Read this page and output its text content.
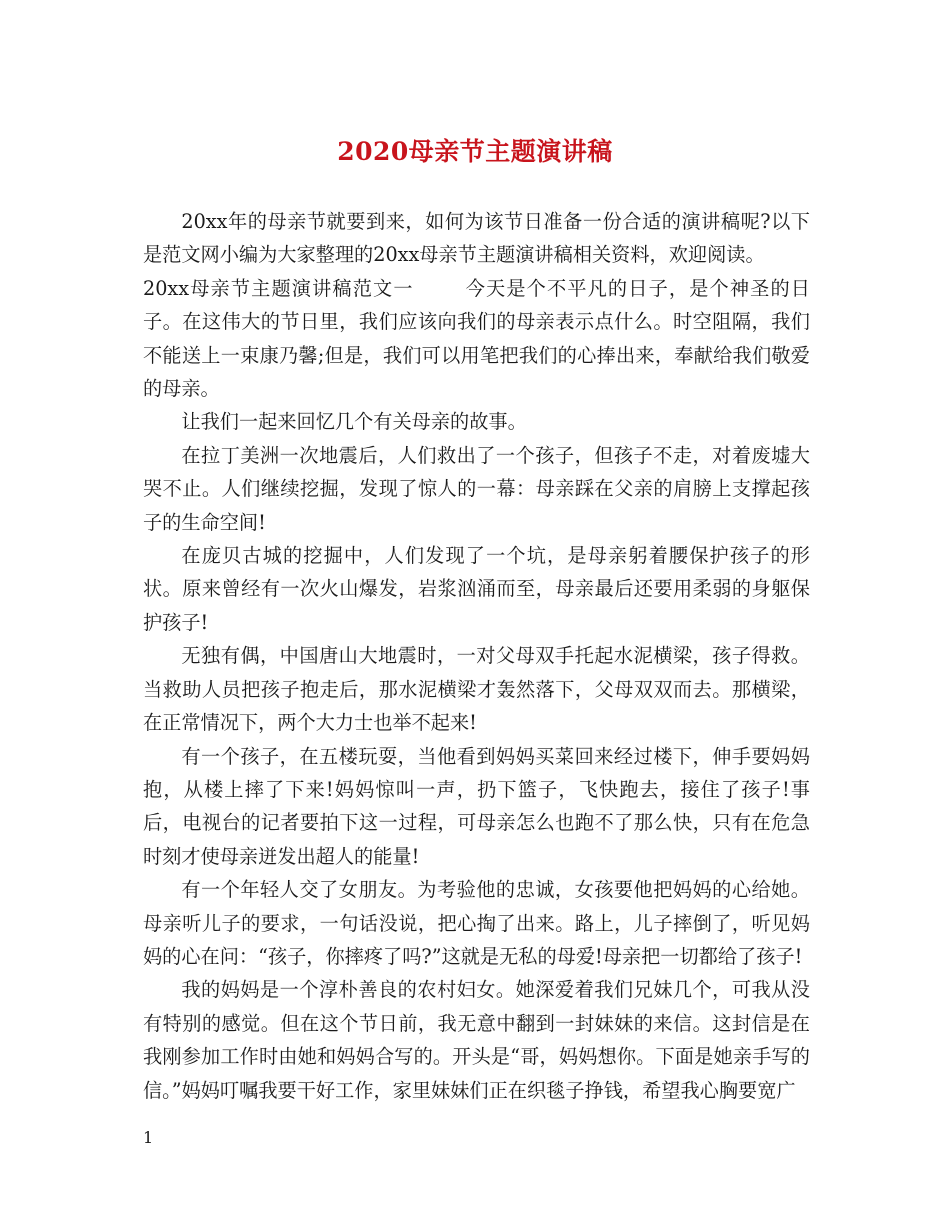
2020母亲节主题演讲稿

20xx年的母亲节就要到来，如何为该节日准备一份合适的演讲稿呢?以下是范文网小编为大家整理的20xx母亲节主题演讲稿相关资料，欢迎阅读。

20xx母亲节主题演讲稿范文一	今天是个不平凡的日子，是个神圣的日子。在这伟大的节日里，我们应该向我们的母亲表示点什么。时空阻隔，我们不能送上一束康乃馨;但是，我们可以用笔把我们的心捧出来，奉献给我们敬爱的母亲。

让我们一起来回忆几个有关母亲的故事。

在拉丁美洲一次地震后，人们救出了一个孩子，但孩子不走，对着废墟大哭不止。人们继续挖掘，发现了惊人的一幕：母亲踩在父亲的肩膀上支撑起孩子的生命空间!

在庞贝古城的挖掘中，人们发现了一个坑，是母亲躬着腰保护孩子的形状。原来曾经有一次火山爆发，岩浆汹涌而至，母亲最后还要用柔弱的身躯保护孩子!

无独有偶，中国唐山大地震时，一对父母双手托起水泥横梁，孩子得救。当救助人员把孩子抱走后，那水泥横梁才轰然落下，父母双双而去。那横梁，在正常情况下，两个大力士也举不起来!

有一个孩子，在五楼玩耍，当他看到妈妈买菜回来经过楼下，伸手要妈妈抱，从楼上摔了下来!妈妈惊叫一声，扔下篮子，飞快跑去，接住了孩子!事后，电视台的记者要拍下这一过程，可母亲怎么也跑不了那么快，只有在危急时刻才使母亲迸发出超人的能量!

有一个年轻人交了女朋友。为考验他的忠诚，女孩要他把妈妈的心给她。母亲听儿子的要求，一句话没说，把心掏了出来。路上，儿子摔倒了，听见妈妈的心在问：“孩子，你摔疼了吗?”这就是无私的母爱!母亲把一切都给了孩子!

我的妈妈是一个淳朴善良的农村妇女。她深爱着我们兄妹几个，可我从没有特别的感觉。但在这个节日前，我无意中翻到一封妹妹的来信。这封信是在我刚参加工作时由她和妈妈合写的。开头是“哥，妈妈想你。下面是她亲手写的信。”妈妈叮嘱我要干好工作，家里妹妹们正在织毯子挣钱，希望我心胸要宽广

1
